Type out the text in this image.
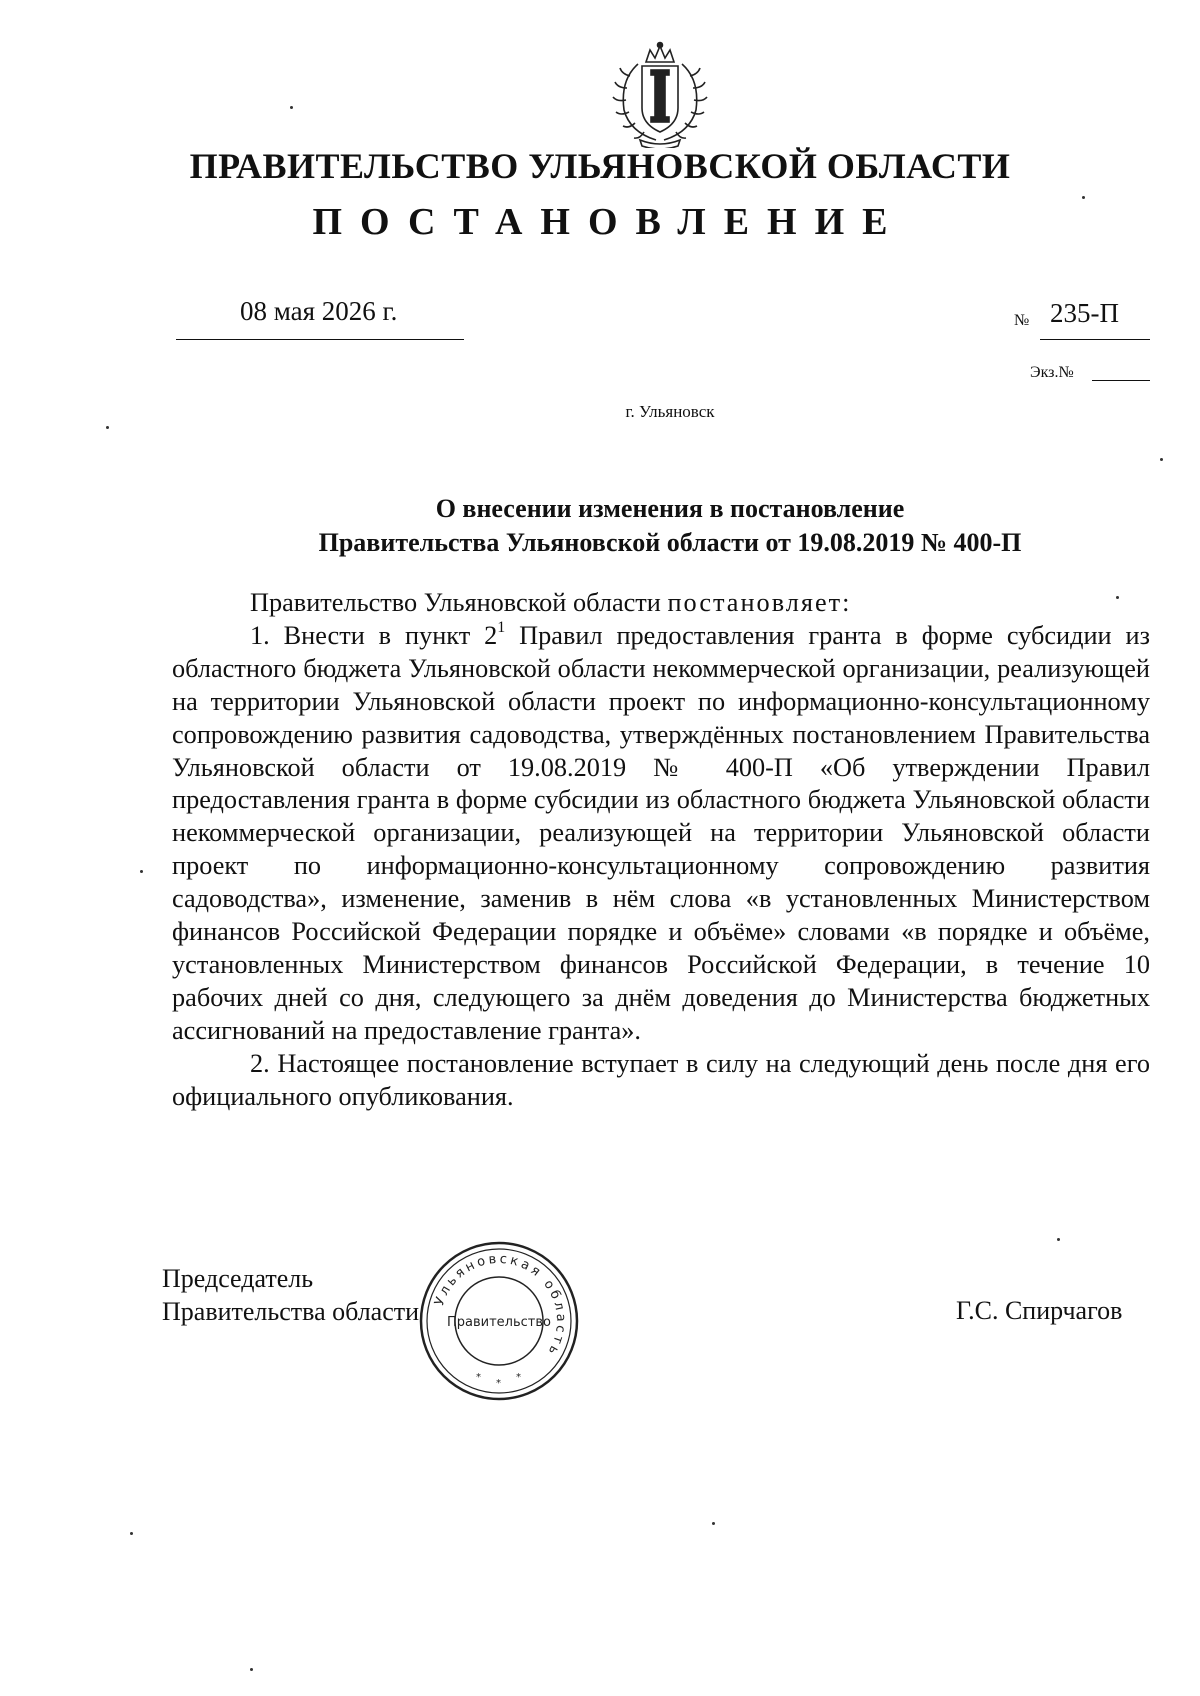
ПРАВИТЕЛЬСТВО УЛЬЯНОВСКОЙ ОБЛАСТИ
ПОСТАНОВЛЕНИЕ
08 мая 2026 г.	№ 235-П
Экз.№
г. Ульяновск
О внесении изменения в постановление
Правительства Ульяновской области от 19.08.2019 № 400-П

Правительство Ульяновской области постановляет:

1. Внести в пункт $2^1$ Правил предоставления гранта в форме субсидии из областного бюджета Ульяновской области некоммерческой организации, реализующей на территории Ульяновской области проект по информационно-консультационному сопровождению развития садоводства, утверждённых постановлением Правительства Ульяновской области от 19.08.2019 № 400-П «Об утверждении Правил предоставления гранта в форме субсидии из областного бюджета Ульяновской области некоммерческой организации, реализующей на территории Ульяновской области проект по информационно-консультационному сопровождению развития садоводства», изменение, заменив в нём слова «в установленных Министерством финансов Российской Федерации порядке и объёме» словами «в порядке и объёме, установленных Министерством финансов Российской Федерации, в течение 10 рабочих дней со дня, следующего за днём доведения до Министерства бюджетных ассигнований на предоставление гранта».

2. Настоящее постановление вступает в силу на следующий день после дня его официального опубликования.

Председатель
Правительства области	Г.С. Спирчагов
Ульяновская область
Правительство
*
*
*
